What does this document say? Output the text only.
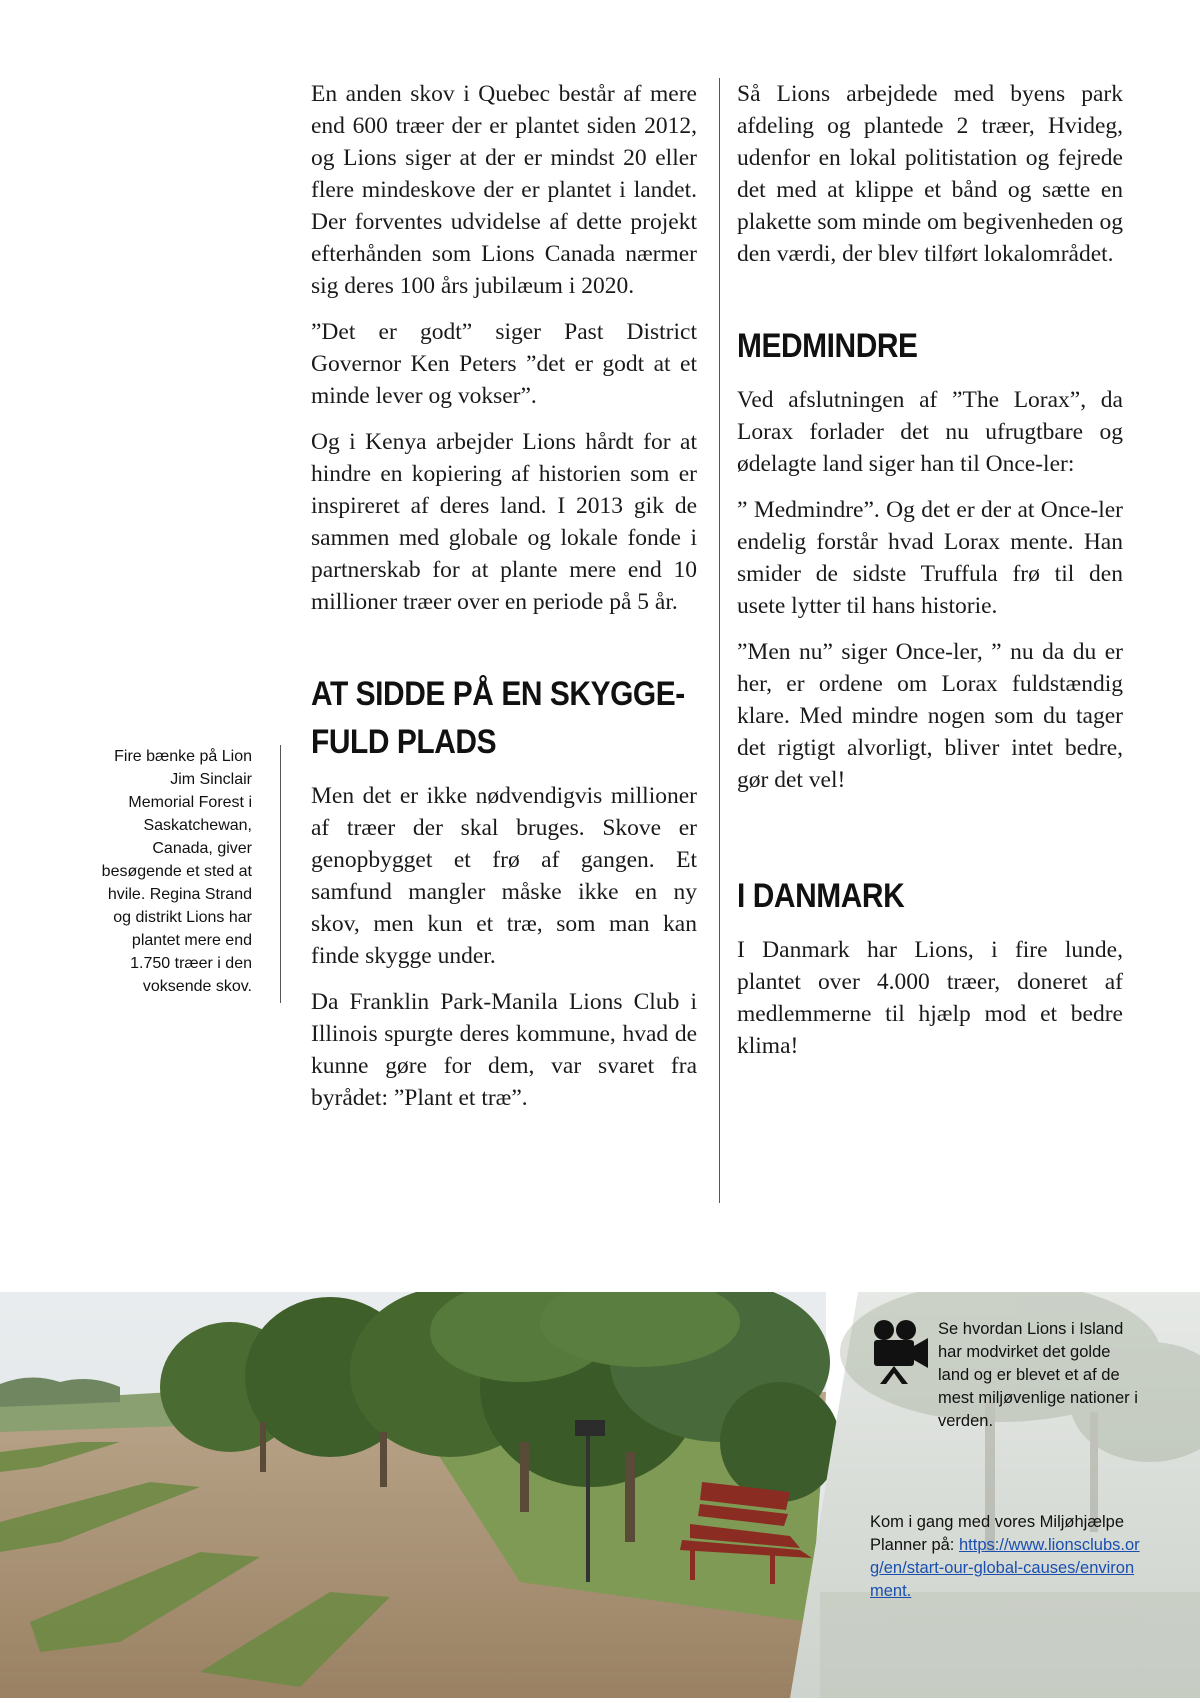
En anden skov i Quebec består af mere end 600 træer der er plantet siden 2012, og Lions siger at der er mindst 20 eller flere mindeskove der er plantet i landet. Der forventes udvidelse af dette projekt efterhånden som Lions Canada nærmer sig deres 100 års jubilæum i 2020.

”Det er godt” siger Past District Governor Ken Peters ”det er godt at et minde lever og vokser”.

Og i Kenya arbejder Lions hårdt for at hindre en kopiering af historien som er inspireret af deres land. I 2013 gik de sammen med globale og lokale fonde i partnerskab for at plante mere end 10 millioner træer over en periode på 5 år.

AT SIDDE PÅ EN SKYGGE-FULD PLADS

Men det er ikke nødvendigvis millioner af træer der skal bruges. Skove er genopbygget et frø af gangen. Et samfund mangler måske ikke en ny skov, men kun et træ, som man kan finde skygge under.

Da Franklin Park-Manila Lions Club i Illinois spurgte deres kommune, hvad de kunne gøre for dem, var svaret fra byrådet: ”Plant et træ”.

Så Lions arbejdede med byens park afdeling og plantede 2 træer, Hvideg, udenfor en lokal politistation og fejrede det med at klippe et bånd og sætte en plakette som minde om begivenheden og den værdi, der blev tilført lokalområdet.

MEDMINDRE

Ved afslutningen af ”The Lorax”, da Lorax forlader det nu ufrugtbare og ødelagte land siger han til Once-ler:

” Medmindre”. Og det er der at Once-ler endelig forstår hvad Lorax mente. Han smider de sidste Truffula frø til den usete lytter til hans historie.

”Men nu” siger Once-ler, ” nu da du er her, er ordene om Lorax fuldstændig klare. Med mindre nogen som du tager det rigtigt alvorligt, bliver intet bedre, gør det vel!

I DANMARK

I Danmark har Lions, i fire lunde, plantet over 4.000 træer, doneret af medlemmerne til hjælp mod et bedre klima!

Fire bænke på Lion Jim Sinclair Memorial Forest i Saskatchewan, Canada, giver besøgende et sted at hvile. Regina Strand og distrikt Lions har plantet mere end 1.750 træer i den voksende skov.
Se hvordan Lions i Island har modvirket det golde land og er blevet et af de mest miljøvenlige nationer i verden.
Kom i gang med vores Miljøhjælpe Planner på: https://www.lionsclubs.org/en/start-our-global-causes/environment.
